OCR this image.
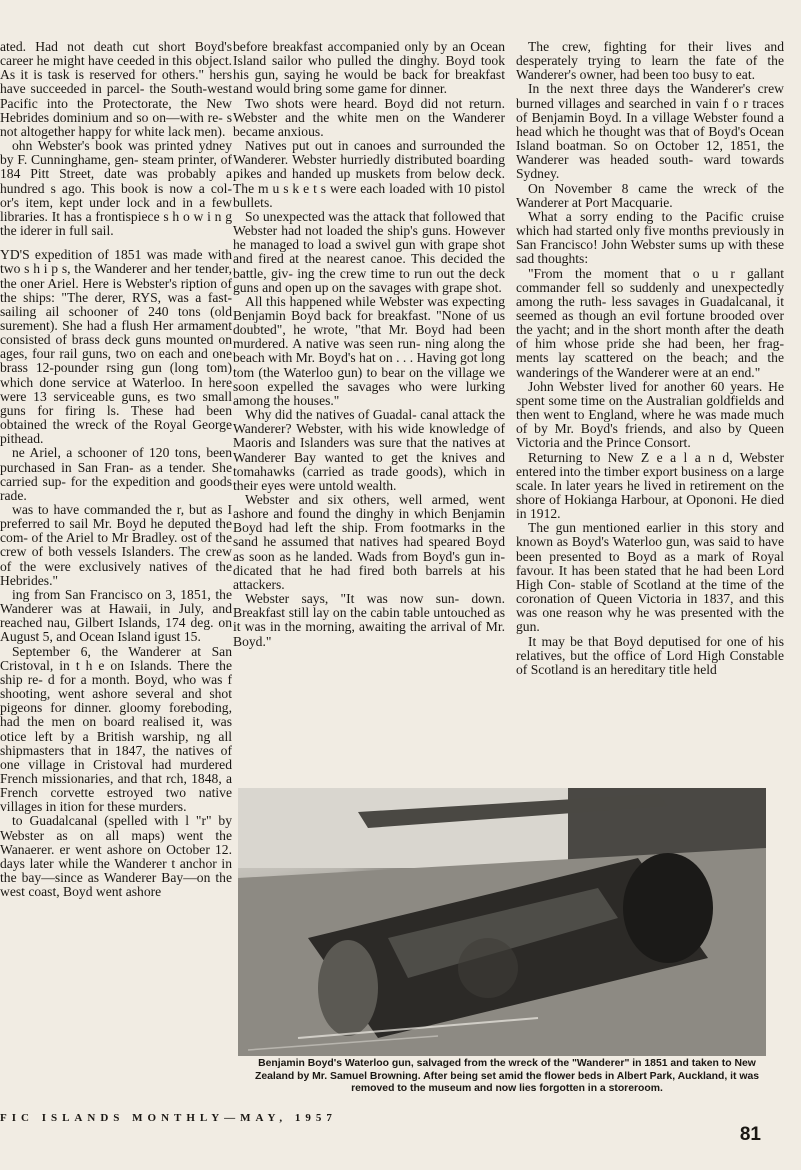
ated. Had not death cut short Boyd's career he might have ceeded in this object. As it is task is reserved for others." hers have succeeded in parcel- the South-west Pacific into the Protectorate, the New Hebrides dominium and so on—with re- s not altogether happy for white lack men).

ohn Webster's book was printed ydney by F. Cunninghame, gen- steam printer, of 184 Pitt Street, date was probably a hundred s ago. This book is now a col- or's item, kept under lock and in a few libraries. It has a frontispiece s h o w i n g the iderer in full sail.

YD'S expedition of 1851 was made with two s h i p s, the Wanderer and her tender, the oner Ariel. Here is Webster's ription of the ships: "The derer, RYS, was a fast-sailing ail schooner of 240 tons (old surement). She had a flush Her armament consisted of brass deck guns mounted on ages, four rail guns, two on each and one brass 12-pounder rsing gun (long tom) which done service at Waterloo. In here were 13 serviceable guns, es two small guns for firing ls. These had been obtained the wreck of the Royal George pithead.

ne Ariel, a schooner of 120 tons, been purchased in San Fran- as a tender. She carried sup- for the expedition and goods rade.

was to have commanded the r, but as I preferred to sail Mr. Boyd he deputed the com- of the Ariel to Mr Bradley. ost of the crew of both vessels Islanders. The crew of the were exclusively natives of the Hebrides."

ing from San Francisco on 3, 1851, the Wanderer was at Hawaii, in July, and reached nau, Gilbert Islands, 174 deg. on August 5, and Ocean Island igust 15.

September 6, the Wanderer at San Cristoval, in t h e on Islands. There the ship re- d for a month. Boyd, who was f shooting, went ashore several and shot pigeons for dinner. gloomy foreboding, had the men on board realised it, was otice left by a British warship, ng all shipmasters that in 1847, the natives of one village in Cristoval had murdered French missionaries, and that rch, 1848, a French corvette estroyed two native villages in ition for these murders.

to Guadalcanal (spelled with l "r" by Webster as on all maps) went the Wanaerer. er went ashore on October 12. days later while the Wanderer t anchor in the bay—since as Wanderer Bay—on the west coast, Boyd went ashore

before breakfast accompanied only by an Ocean Island sailor who pulled the dinghy. Boyd took his gun, saying he would be back for breakfast and would bring some game for dinner.

Two shots were heard. Boyd did not return. Webster and the white men on the Wanderer became anxious.

Natives put out in canoes and surrounded the Wanderer. Webster hurriedly distributed boarding pikes and handed up muskets from below deck. The m u s k e t s were each loaded with 10 pistol bullets.

So unexpected was the attack that followed that Webster had not loaded the ship's guns. However he managed to load a swivel gun with grape shot and fired at the nearest canoe. This decided the battle, giv- ing the crew time to run out the deck guns and open up on the savages with grape shot.

All this happened while Webster was expecting Benjamin Boyd back for breakfast. "None of us doubted", he wrote, "that Mr. Boyd had been murdered. A native was seen run- ning along the beach with Mr. Boyd's hat on . . . Having got long tom (the Waterloo gun) to bear on the village we soon expelled the savages who were lurking among the houses."

Why did the natives of Guadal- canal attack the Wanderer? Webster, with his wide knowledge of Maoris and Islanders was sure that the natives at Wanderer Bay wanted to get the knives and tomahawks (carried as trade goods), which in their eyes were untold wealth.

Webster and six others, well armed, went ashore and found the dinghy in which Benjamin Boyd had left the ship. From footmarks in the sand he assumed that natives had speared Boyd as soon as he landed. Wads from Boyd's gun in- dicated that he had fired both barrels at his attackers.

Webster says, "It was now sun- down. Breakfast still lay on the cabin table untouched as it was in the morning, awaiting the arrival of Mr. Boyd."

The crew, fighting for their lives and desperately trying to learn the fate of the Wanderer's owner, had been too busy to eat.

In the next three days the Wanderer's crew burned villages and searched in vain f o r traces of Benjamin Boyd. In a village Webster found a head which he thought was that of Boyd's Ocean Island boatman. So on October 12, 1851, the Wanderer was headed south- ward towards Sydney.

On November 8 came the wreck of the Wanderer at Port Macquarie.

What a sorry ending to the Pacific cruise which had started only five months previously in San Francisco! John Webster sums up with these sad thoughts:

"From the moment that o u r gallant commander fell so suddenly and unexpectedly among the ruth- less savages in Guadalcanal, it seemed as though an evil fortune brooded over the yacht; and in the short month after the death of him whose pride she had been, her frag- ments lay scattered on the beach; and the wanderings of the Wanderer were at an end."

John Webster lived for another 60 years. He spent some time on the Australian goldfields and then went to England, where he was made much of by Mr. Boyd's friends, and also by Queen Victoria and the Prince Consort.

Returning to New Z e a l a n d, Webster entered into the timber export business on a large scale. In later years he lived in retirement on the shore of Hokianga Harbour, at Opononi. He died in 1912.

The gun mentioned earlier in this story and known as Boyd's Waterloo gun, was said to have been presented to Boyd as a mark of Royal favour. It has been stated that he had been Lord High Con- stable of Scotland at the time of the coronation of Queen Victoria in 1837, and this was one reason why he was presented with the gun.

It may be that Boyd deputised for one of his relatives, but the office of Lord High Constable of Scotland is an hereditary title held

Benjamin Boyd's Waterloo gun, salvaged from the wreck of the "Wanderer" in 1851 and taken to New Zealand by Mr. Samuel Browning. After being set amid the flower beds in Albert Park, Auckland, it was removed to the museum and now lies forgotten in a storeroom.
FIC ISLANDS MONTHLY—MAY, 1957
81
